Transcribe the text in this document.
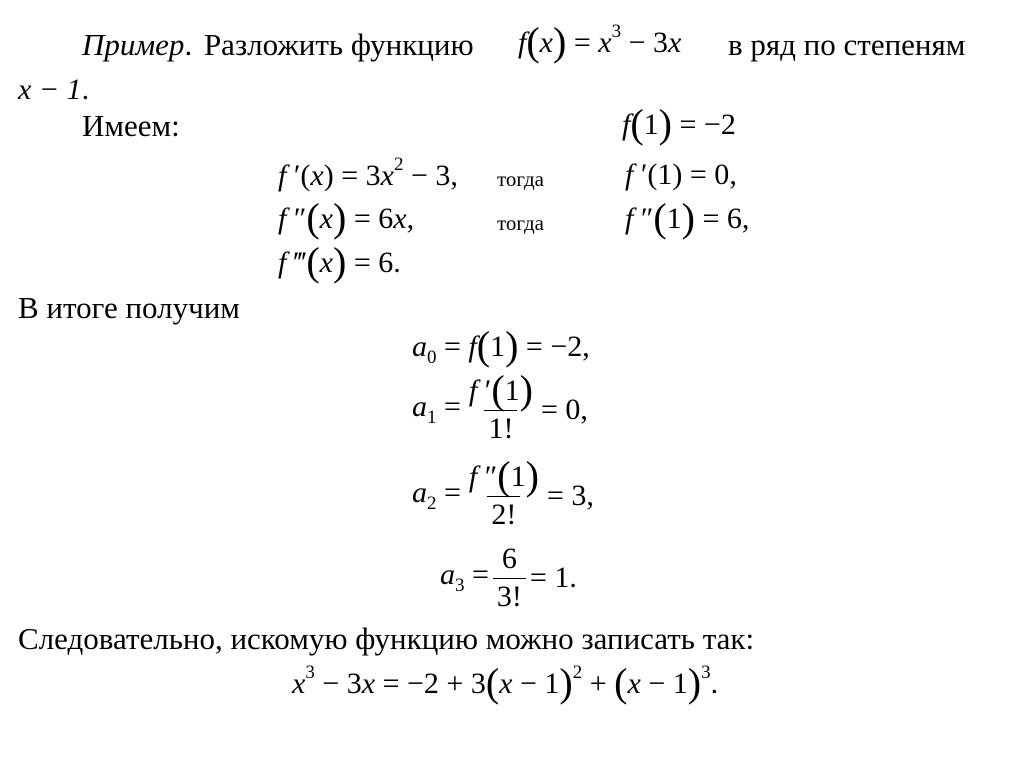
Пример. Разложить функцию $f(x) = x^3 - 3x$ в ряд по степеням
x − 1.
Имеем:	f(1) = −2
f $'(x) = 3x^2 - 3$, тогда	f ′(1) = 0,
f ″(x) = 6x,	тогда	f ″(1) = 6,
f ‴(x) = 6.
В итоге получим
$a_0 = f(1) = -2$,
$a_1 = \frac{f '(1)}{1!} = 0$ ,
$a_2 = \frac{f ''(1)}{2!} = 3$ ,
$a_3 = \frac{6}{3!} = 1$ .
Следовательно, искомую функцию можно записать так:
$x^3 - 3x = -2 + 3(x - 1)^2 + (x - 1)^3$.
